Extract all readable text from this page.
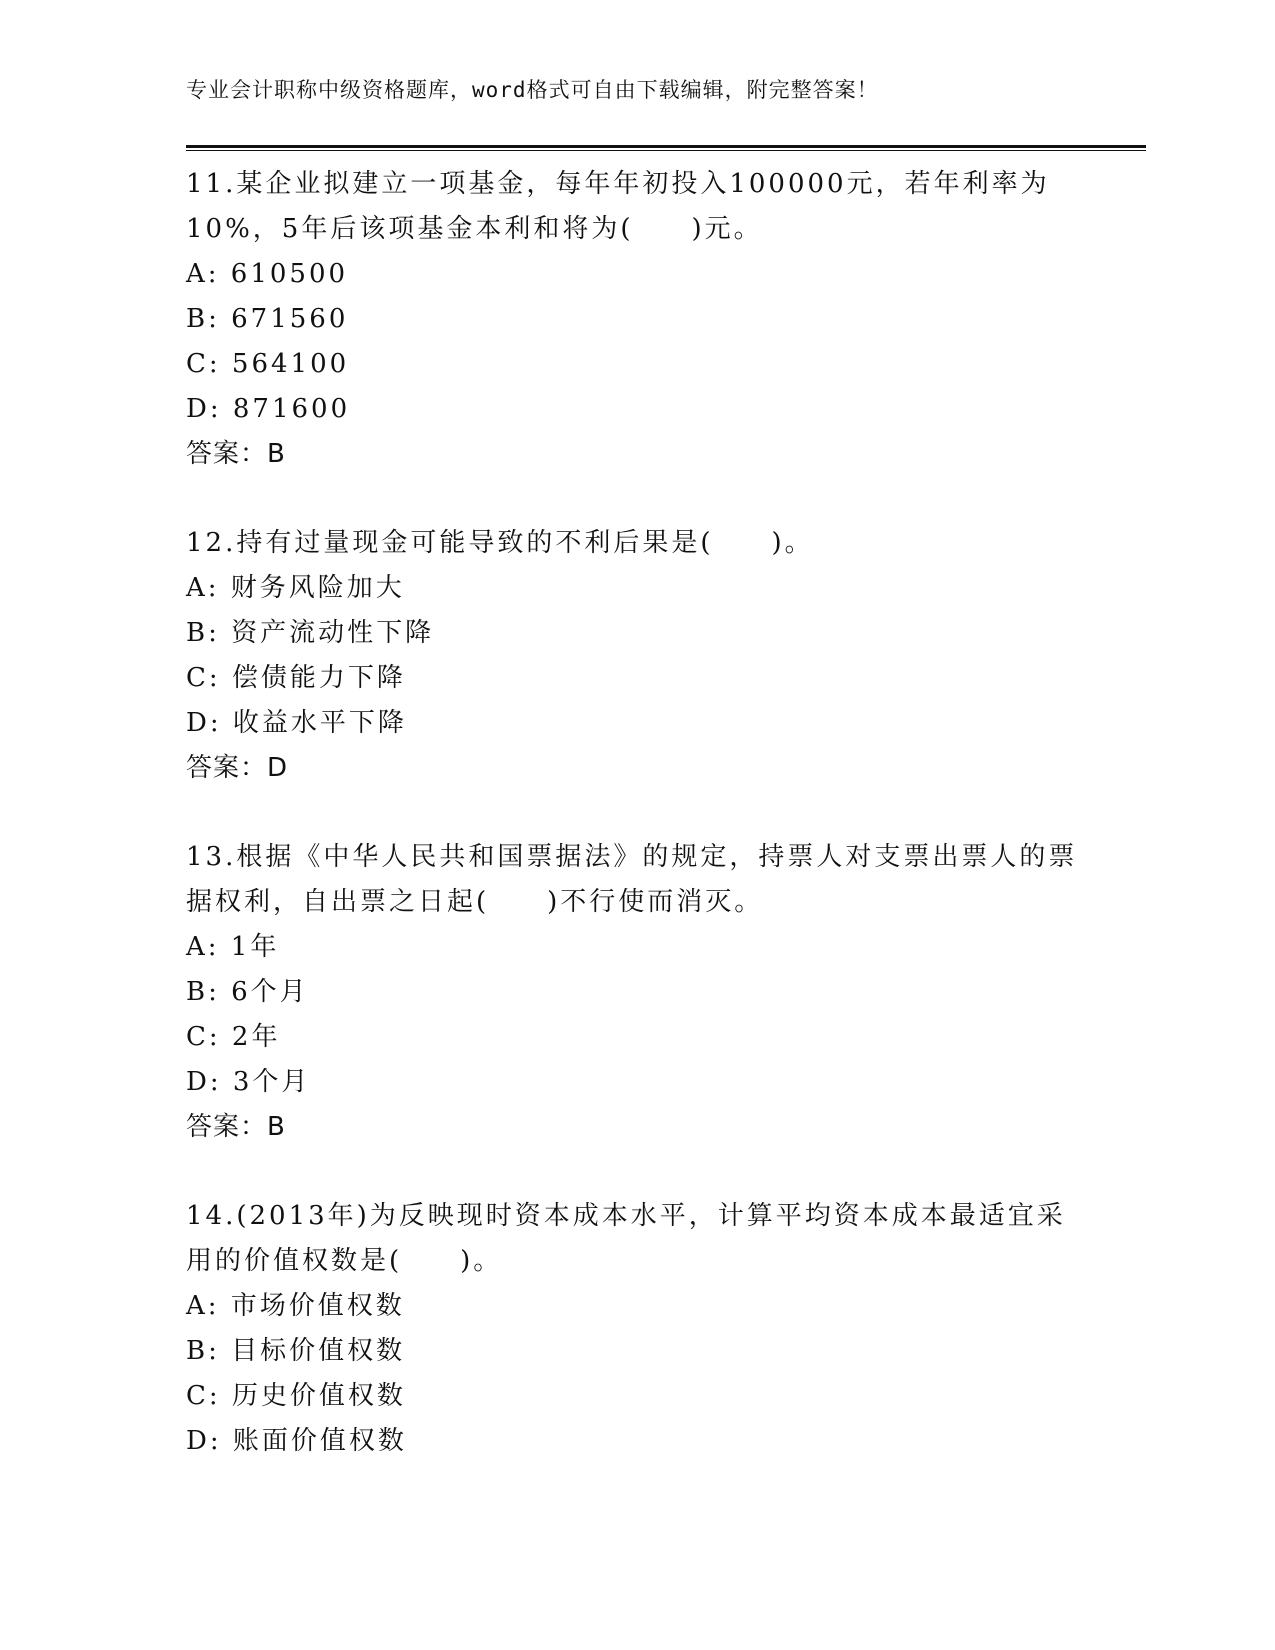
专业会计职称中级资格题库，word格式可自由下载编辑，附完整答案！

11.某企业拟建立一项基金，每年年初投入100000元，若年利率为10%，5年后该项基金本利和将为(　　)元。

A: 610500
B: 671560
C: 564100
D: 871600
答案：B

12.持有过量现金可能导致的不利后果是(　　)。

A: 财务风险加大
B: 资产流动性下降
C: 偿债能力下降
D: 收益水平下降
答案：D

13.根据《中华人民共和国票据法》的规定，持票人对支票出票人的票据权利，自出票之日起(　　)不行使而消灭。

A: 1年
B: 6个月
C: 2年
D: 3个月
答案：B

14.(2013年)为反映现时资本成本水平，计算平均资本成本最适宜采用的价值权数是(　　)。

A: 市场价值权数
B: 目标价值权数
C: 历史价值权数
D: 账面价值权数
